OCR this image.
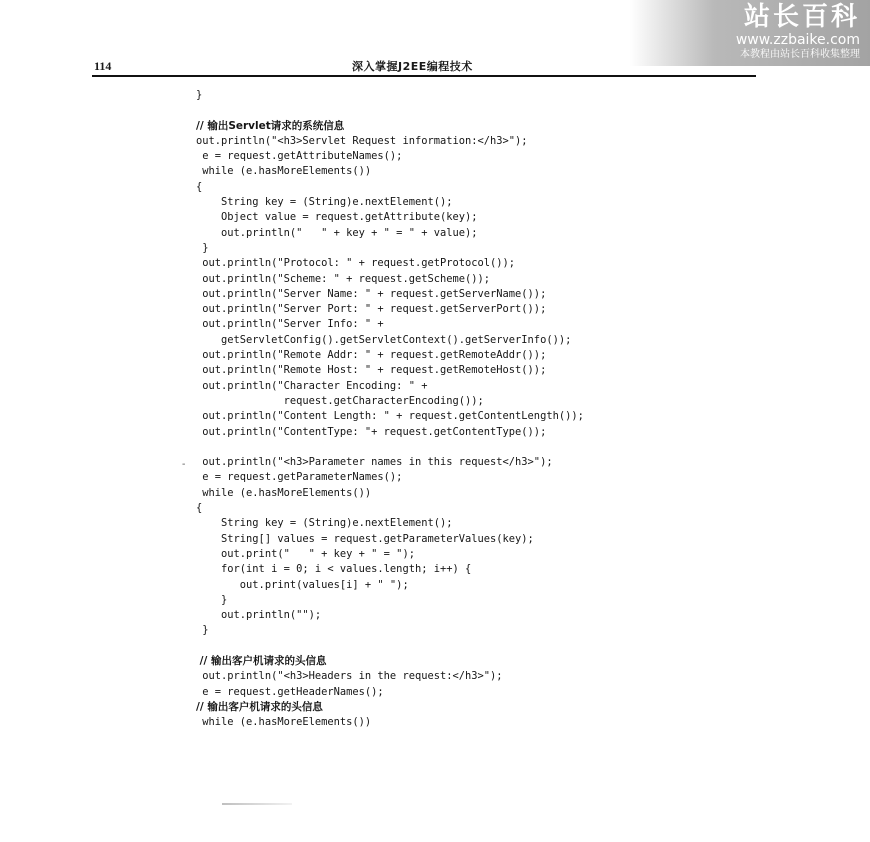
站长百科
www.zzbaike.com
本教程由站长百科收集整理
114	深入掌握J2EE编程技术
}
// 输出Servlet请求的系统信息
out.println("<h3>Servlet Request information:</h3>");
e = request.getAttributeNames();
while (e.hasMoreElements())
{
String key = (String)e.nextElement();
Object value = request.getAttribute(key);
out.println("   " + key + " = " + value);
}
out.println("Protocol: " + request.getProtocol());
out.println("Scheme: " + request.getScheme());
out.println("Server Name: " + request.getServerName());
out.println("Server Port: " + request.getServerPort());
out.println("Server Info: " +
getServletConfig().getServletContext().getServerInfo());
out.println("Remote Addr: " + request.getRemoteAddr());
out.println("Remote Host: " + request.getRemoteHost());
out.println("Character Encoding: " +
request.getCharacterEncoding());
out.println("Content Length: " + request.getContentLength());
out.println("ContentType: "+ request.getContentType());
out.println("<h3>Parameter names in this request</h3>");
e = request.getParameterNames();
while (e.hasMoreElements())
{
String key = (String)e.nextElement();
String[] values = request.getParameterValues(key);
out.print("   " + key + " = ");
for(int i = 0; i < values.length; i++) {
out.print(values[i] + " ");
}
out.println("");
}
// 输出客户机请求的头信息
out.println("<h3>Headers in the request:</h3>");
e = request.getHeaderNames();
// 输出客户机请求的头信息
while (e.hasMoreElements())
-
